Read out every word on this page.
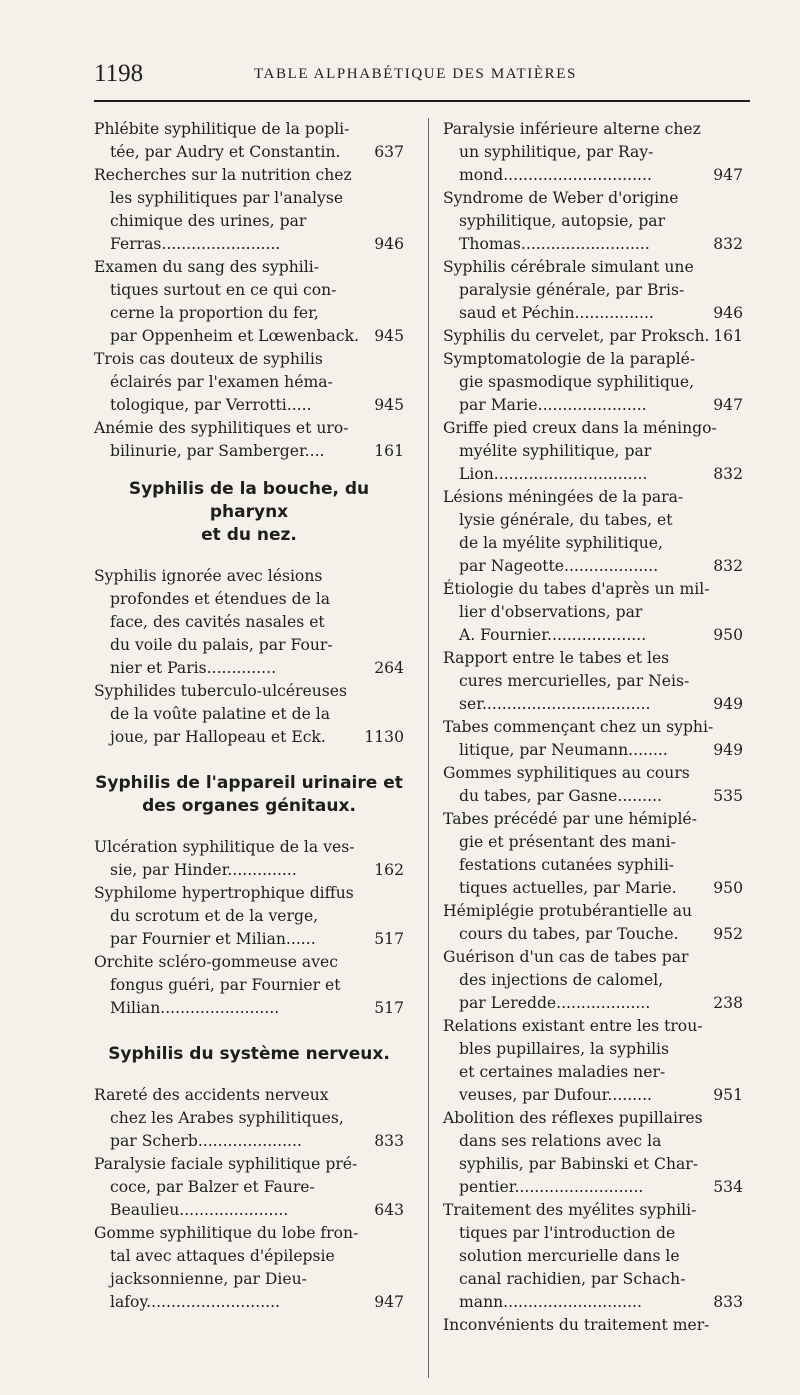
1198	TABLE ALPHABÉTIQUE DES MATIÈRES
Phlébite syphilitique de la popli-
tée, par Audry et Constantin.	637
Recherches sur la nutrition chez
les syphilitiques par l'analyse
chimique des urines, par
Ferras........................	946
Examen du sang des syphili-
tiques surtout en ce qui con-
cerne la proportion du fer,
par Oppenheim et Lœwenback. 945
Trois cas douteux de syphilis
éclairés par l'examen héma-
tologique, par Verrotti.....	945
Anémie des syphilitiques et uro-
bilinurie, par Samberger....	161
Syphilis de la bouche, du pharynx
et du nez.
Syphilis ignorée avec lésions
profondes et étendues de la
face, des cavités nasales et
du voile du palais, par Four-
nier et Paris..............	264
Syphilides tuberculo-ulcéreuses
de la voûte palatine et de la
joue, par Hallopeau et Eck.	1130
Syphilis de l'appareil urinaire et
des organes génitaux.
Ulcération syphilitique de la ves-
sie, par Hinder..............	162
Syphilome hypertrophique diffus
du scrotum et de la verge,
par Fournier et Milian......	517
Orchite scléro-gommeuse avec
fongus guéri, par Fournier et
Milian........................	517
Syphilis du système nerveux.
Rareté des accidents nerveux
chez les Arabes syphilitiques,
par Scherb.....................	833
Paralysie faciale syphilitique pré-
coce, par Balzer et Faure-
Beaulieu......................	643
Gomme syphilitique du lobe fron-
tal avec attaques d'épilepsie
jacksonnienne, par Dieu-
lafoy...........................	947
Paralysie inférieure alterne chez
un syphilitique, par Ray-
mond..............................	947
Syndrome de Weber d'origine
syphilitique, autopsie, par
Thomas..........................	832
Syphilis cérébrale simulant une
paralysie générale, par Bris-
saud et Péchin................	946
Syphilis du cervelet, par Proksch. 161
Symptomatologie de la paraplé-
gie spasmodique syphilitique,
par Marie......................	947
Griffe pied creux dans la méningo-
myélite syphilitique, par
Lion...............................	832
Lésions méningées de la para-
lysie générale, du tabes, et
de la myélite syphilitique,
par Nageotte...................	832
Étiologie du tabes d'après un mil-
lier d'observations, par
A. Fournier....................	950
Rapport entre le tabes et les
cures mercurielles, par Neis-
ser..................................	949
Tabes commençant chez un syphi-
litique, par Neumann........	949
Gommes syphilitiques au cours
du tabes, par Gasne.........	535
Tabes précédé par une hémiplé-
gie et présentant des mani-
festations cutanées syphili-
tiques actuelles, par Marie.	950
Hémiplégie protubérantielle au
cours du tabes, par Touche.	952
Guérison d'un cas de tabes par
des injections de calomel,
par Leredde...................	238
Relations existant entre les trou-
bles pupillaires, la syphilis
et certaines maladies ner-
veuses, par Dufour.........	951
Abolition des réflexes pupillaires
dans ses relations avec la
syphilis, par Babinski et Char-
pentier..........................	534
Traitement des myélites syphili-
tiques par l'introduction de
solution mercurielle dans le
canal rachidien, par Schach-
mann............................	833
Inconvénients du traitement mer-
